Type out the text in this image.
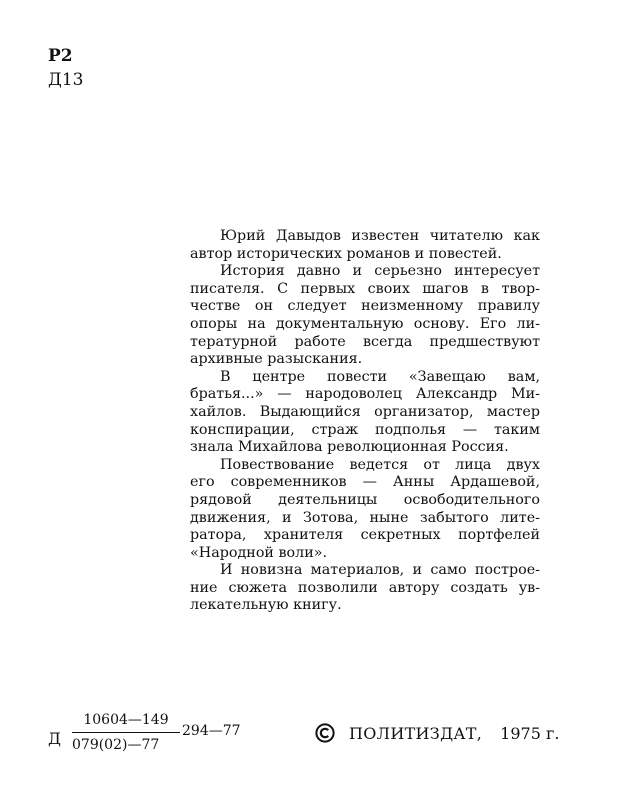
Р2
Д13
Юрий Давыдов известен читателю как
автор исторических романов и повестей.
История давно и серьезно интересует
писателя. С первых своих шагов в твор-
честве он следует неизменному правилу
опоры на документальную основу. Его ли-
тературной работе всегда предшествуют
архивные разыскания.
В центре повести «Завещаю вам,
братья...» — народоволец Александр Ми-
хайлов. Выдающийся организатор, мастер
конспирации, страж подполья — таким
знала Михайлова революционная Россия.
Повествование ведется от лица двух
его современников — Анны Ардашевой,
рядовой деятельницы освободительного
движения, и Зотова, ныне забытого лите-
ратора, хранителя секретных портфелей
«Народной воли».
И новизна материалов, и само построе-
ние сюжета позволили автору создать ув-
лекательную книгу.
Д
10604—149
079(02)—77
294—77	ПОЛИТИЗДАТ, 1975 г.
